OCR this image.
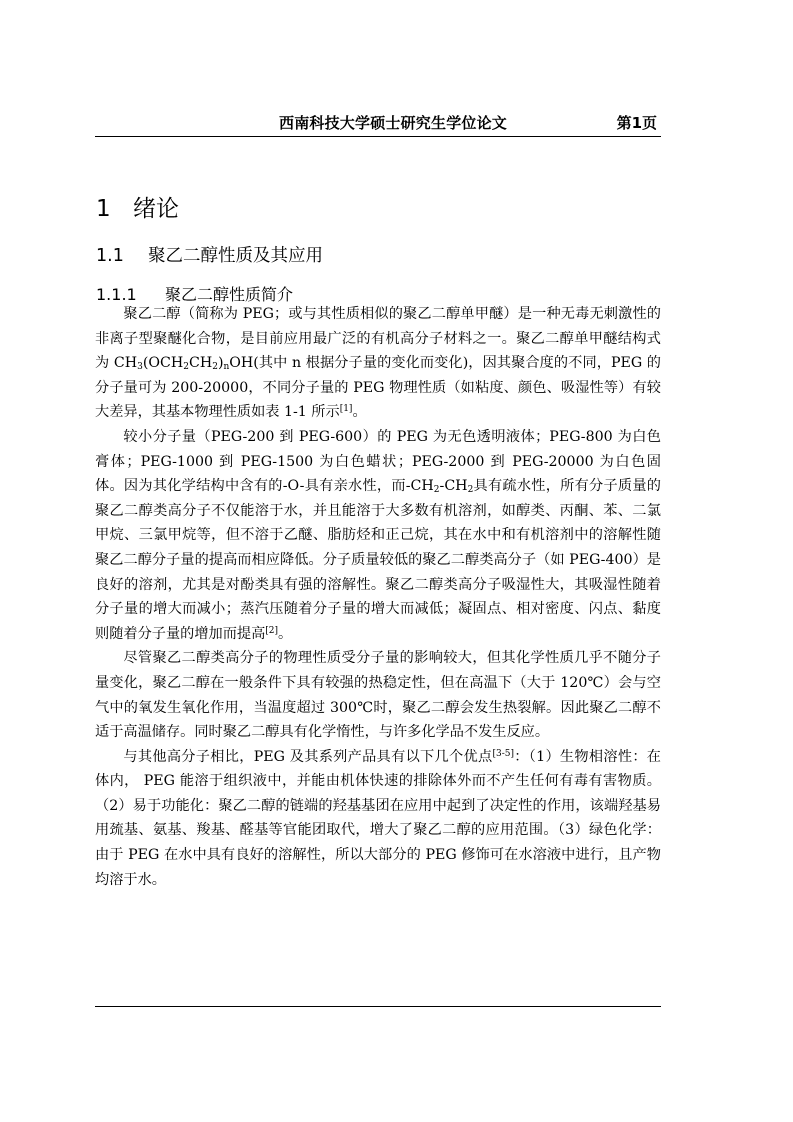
西南科技大学硕士研究生学位论文	第1页
1 绪论
1.1 聚乙二醇性质及其应用
1.1.1 聚乙二醇性质简介

聚乙二醇（简称为 PEG；或与其性质相似的聚乙二醇单甲醚）是一种无毒无刺激性的非离子型聚醚化合物，是目前应用最广泛的有机高分子材料之一。聚乙二醇单甲醚结构式为 $CH_3(OCH_2CH_2)_nOH$(其中 n 根据分子量的变化而变化)，因其聚合度的不同，PEG 的分子量可为 200-20000，不同分子量的 PEG 物理性质（如粘度、颜色、吸湿性等）有较大差异，其基本物理性质如表 1-1 所示[1]。

较小分子量（PEG-200 到 PEG-600）的 PEG 为无色透明液体；PEG-800 为白色膏体；PEG-1000 到 PEG-1500 为白色蜡状；PEG-2000 到 PEG-20000 为白色固体。因为其化学结构中含有的-O-具有亲水性，而$-CH_2-CH_2$具有疏水性，所有分子质量的聚乙二醇类高分子不仅能溶于水，并且能溶于大多数有机溶剂，如醇类、丙酮、苯、二氯甲烷、三氯甲烷等，但不溶于乙醚、脂肪烃和正己烷，其在水中和有机溶剂中的溶解性随聚乙二醇分子量的提高而相应降低。分子质量较低的聚乙二醇类高分子（如 PEG-400）是良好的溶剂，尤其是对酚类具有强的溶解性。聚乙二醇类高分子吸湿性大，其吸湿性随着分子量的增大而减小；蒸汽压随着分子量的增大而减低；凝固点、相对密度、闪点、黏度则随着分子量的增加而提高[2]。

尽管聚乙二醇类高分子的物理性质受分子量的影响较大，但其化学性质几乎不随分子量变化，聚乙二醇在一般条件下具有较强的热稳定性，但在高温下（大于 120℃）会与空气中的氧发生氧化作用，当温度超过 300℃时，聚乙二醇会发生热裂解。因此聚乙二醇不适于高温储存。同时聚乙二醇具有化学惰性，与许多化学品不发生反应。

与其他高分子相比，PEG 及其系列产品具有以下几个优点[3-5]：（1）生物相溶性：在体内， PEG 能溶于组织液中，并能由机体快速的排除体外而不产生任何有毒有害物质。（2）易于功能化：聚乙二醇的链端的羟基基团在应用中起到了决定性的作用，该端羟基易用巯基、氨基、羧基、醛基等官能团取代，增大了聚乙二醇的应用范围。（3）绿色化学：由于 PEG 在水中具有良好的溶解性，所以大部分的 PEG 修饰可在水溶液中进行，且产物均溶于水。
